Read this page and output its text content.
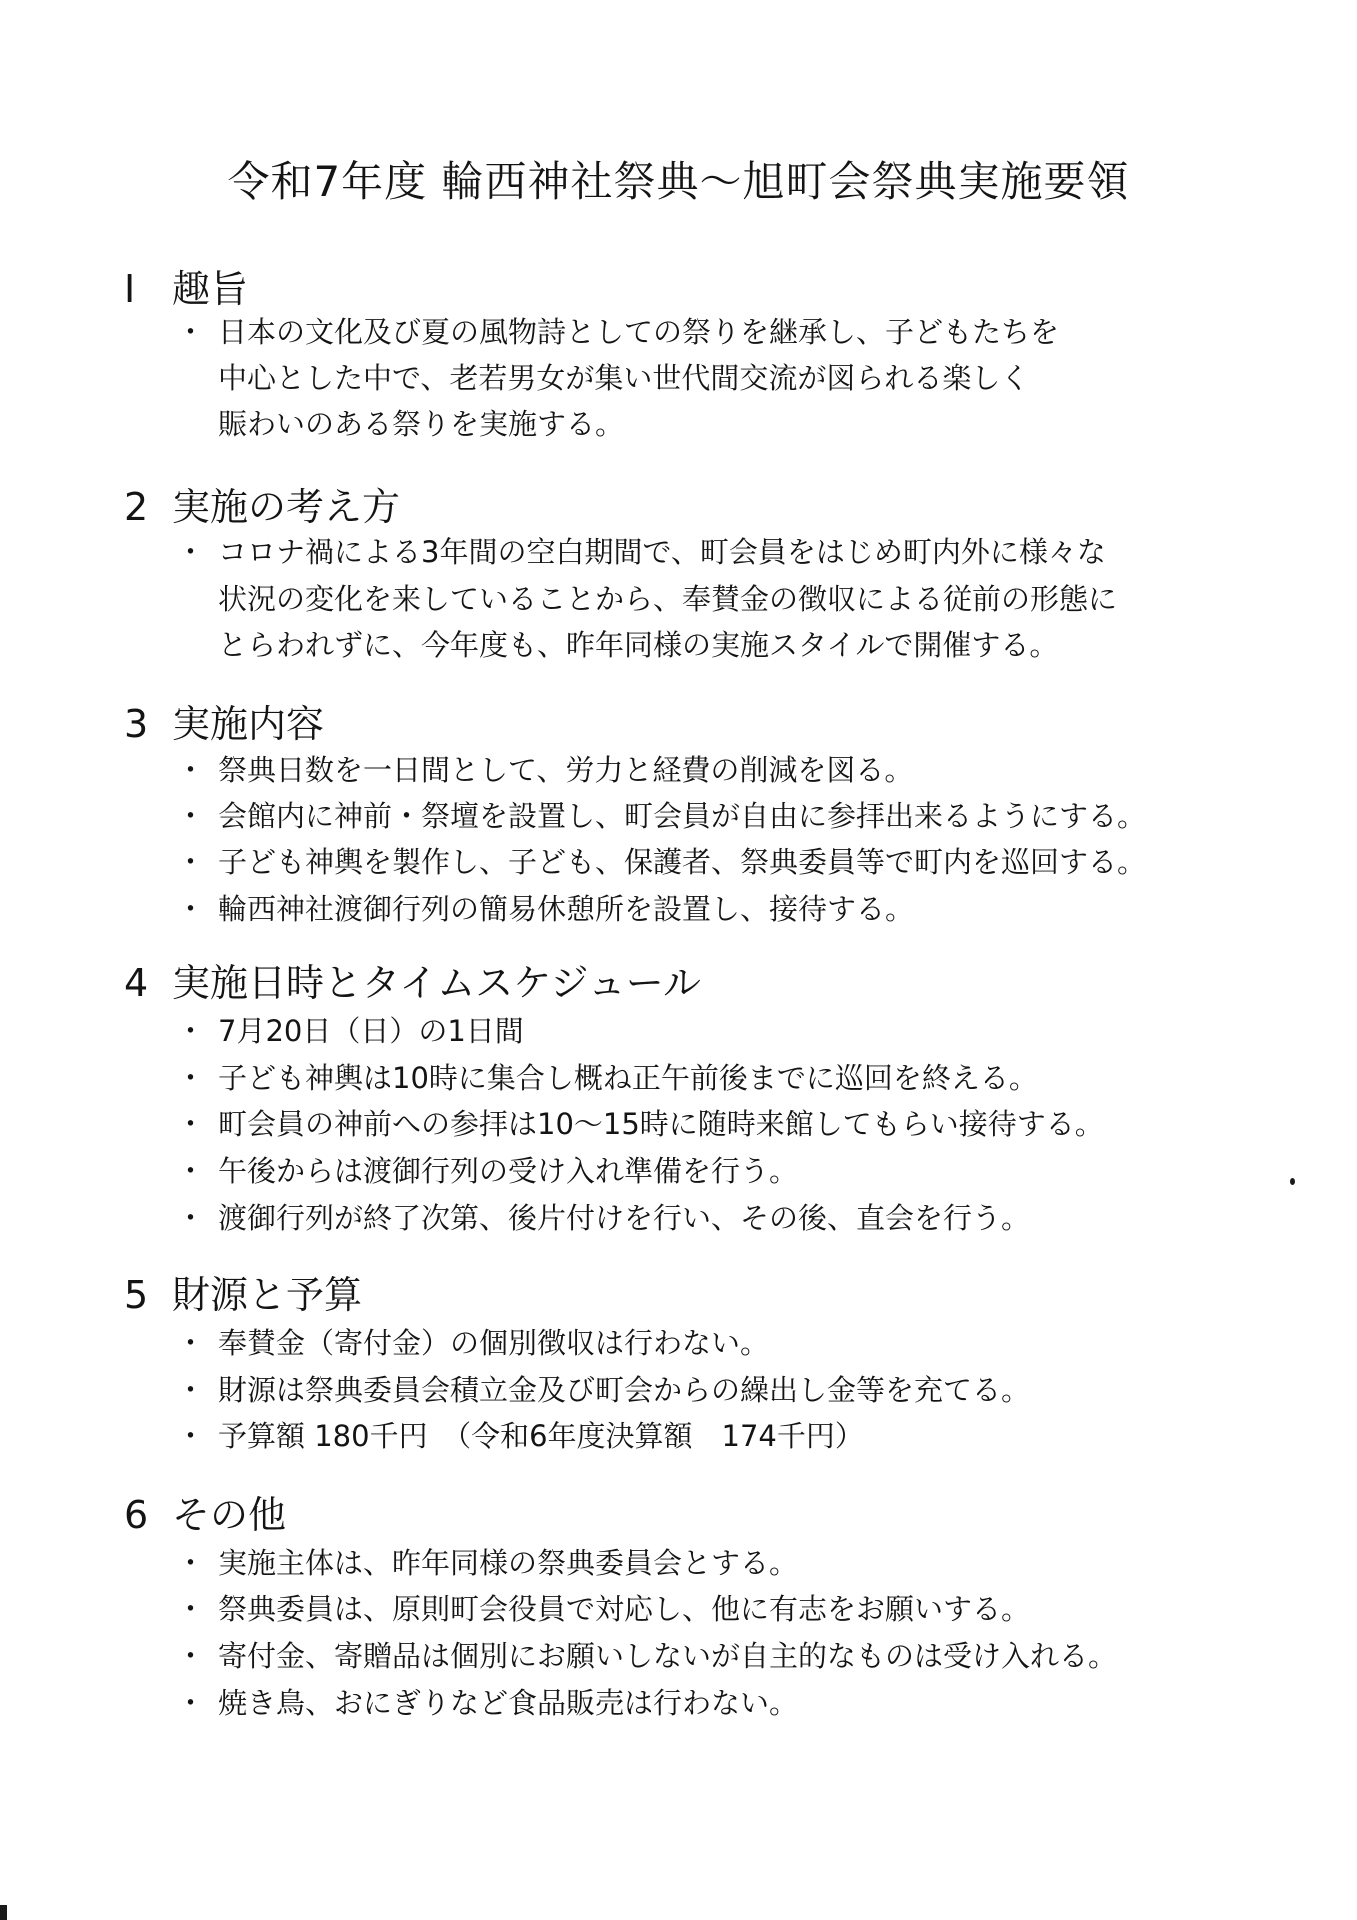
令和7年度 輪西神社祭典～旭町会祭典実施要領
Ⅰ 趣旨
・ 日本の文化及び夏の風物詩としての祭りを継承し、子どもたちを
中心とした中で、老若男女が集い世代間交流が図られる楽しく
賑わいのある祭りを実施する。
2 実施の考え方
・ コロナ禍による3年間の空白期間で、町会員をはじめ町内外に様々な
状況の変化を来していることから、奉賛金の徴収による従前の形態に
とらわれずに、今年度も、昨年同様の実施スタイルで開催する。
3 実施内容
・ 祭典日数を一日間として、労力と経費の削減を図る。
・ 会館内に神前・祭壇を設置し、町会員が自由に参拝出来るようにする。
・ 子ども神輿を製作し、子ども、保護者、祭典委員等で町内を巡回する。
・ 輪西神社渡御行列の簡易休憩所を設置し、接待する。
4 実施日時とタイムスケジュール
・ 7月20日（日）の1日間
・ 子ども神輿は10時に集合し概ね正午前後までに巡回を終える。
・ 町会員の神前への参拝は10～15時に随時来館してもらい接待する。
・ 午後からは渡御行列の受け入れ準備を行う。
・ 渡御行列が終了次第、後片付けを行い、その後、直会を行う。
5 財源と予算
・ 奉賛金（寄付金）の個別徴収は行わない。
・ 財源は祭典委員会積立金及び町会からの繰出し金等を充てる。
・ 予算額 180千円　（令和6年度決算額　174千円）
6 その他
・ 実施主体は、昨年同様の祭典委員会とする。
・ 祭典委員は、原則町会役員で対応し、他に有志をお願いする。
・ 寄付金、寄贈品は個別にお願いしないが自主的なものは受け入れる。
・ 焼き鳥、おにぎりなど食品販売は行わない。
